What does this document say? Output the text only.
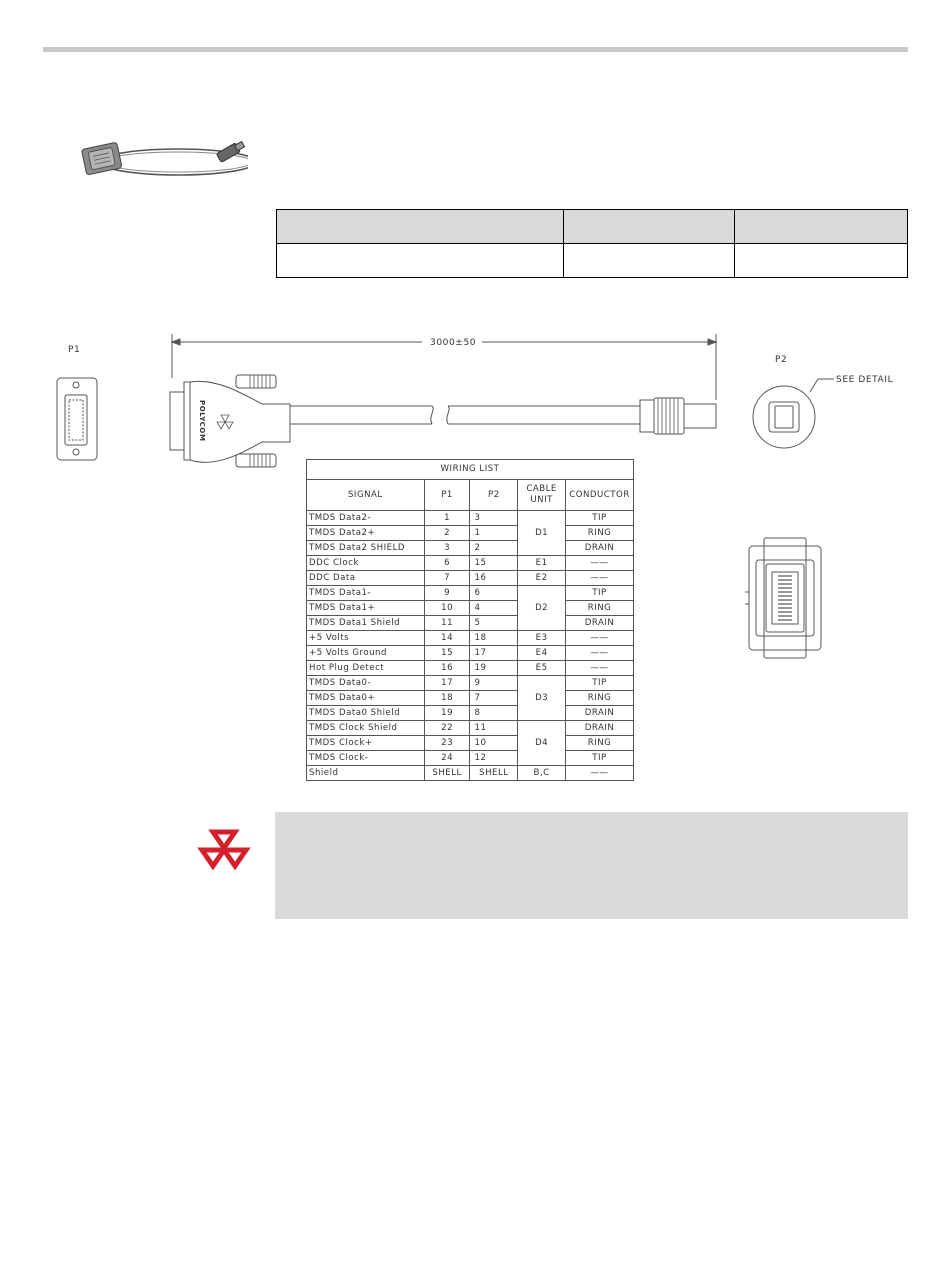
P1
P2
3000±50
SEE DETAIL
POLYCOM
WIRING LIST				
SIGNAL	P1	P2	CABLE UNIT	CONDUCTOR
TMDS Data2-	1	3	D1	TIP
TMDS Data2+	2	1		RING
TMDS Data2 SHIELD	3	2		DRAIN
DDC Clock	6	15	E1	——
DDC Data	7	16	E2	——
TMDS Data1-	9	6	D2	TIP
TMDS Data1+	10	4		RING
TMDS Data1 Shield	11	5		DRAIN
+5 Volts	14	18	E3	——
+5 Volts Ground	15	17	E4	——
Hot Plug Detect	16	19	E5	——
TMDS Data0-	17	9	D3	TIP
TMDS Data0+	18	7		RING
TMDS Data0 Shield	19	8		DRAIN
TMDS Clock Shield	22	11	D4	DRAIN
TMDS Clock+	23	10		RING
TMDS Clock-	24	12		TIP
Shield	SHELL	SHELL	B,C	——
